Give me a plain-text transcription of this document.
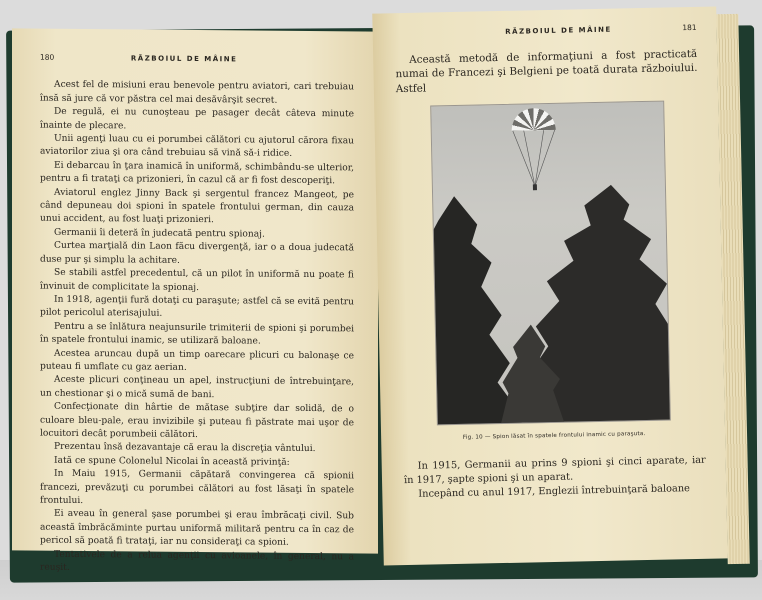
180	RĂZBOIUL DE MÂINE

Acest fel de misiuni erau benevole pentru aviatori, cari trebuiau însă să jure că vor păstra cel mai desăvârşit secret.

De regulă, ei nu cunoşteau pe pasager decât câteva minute înainte de plecare.

Unii agenţi luau cu ei porumbei călători cu ajutorul cărora fixau aviatorilor ziua şi ora când trebuiau să vină să-i ridice.

Ei debarcau în ţara inamică în uniformă, schimbându-se ulterior, pentru a fi trataţi ca prizonieri, în cazul că ar fi fost descoperiţi.

Aviatorul englez Jinny Back şi sergentul francez Mangeot, pe când depuneau doi spioni în spatele frontului german, din cauza unui accident, au fost luaţi prizonieri.

Germanii îi deteră în judecată pentru spionaj.

Curtea marţială din Laon făcu divergenţă, iar o a doua judecată duse pur şi simplu la achitare.

Se stabili astfel precedentul, că un pilot în uniformă nu poate fi învinuit de complicitate la spionaj.

In 1918, agenţii fură dotaţi cu paraşute; astfel că se evită pentru pilot pericolul aterisajului.

Pentru a se înlătura neajunsurile trimiterii de spioni şi porumbei în spatele frontului inamic, se utilizară baloane.

Acestea aruncau după un timp oarecare plicuri cu balonaşe ce puteau fi umflate cu gaz aerian.

Aceste plicuri conţineau un apel, instrucţiuni de întrebuinţare, un chestionar şi o mică sumă de bani.

Confecţionate din hârtie de mătase subţire dar solidă, de o culoare bleu-pale, erau invizibile şi puteau fi păstrate mai uşor de locuitori decât porumbeii călători.

Prezentau însă dezavantaje că erau la discreţia vântului.

Iată ce spune Colonelul Nicolai în această privinţă:

In Maiu 1915, Germanii căpătară convingerea că spionii francezi, prevăzuţi cu porumbei călători au fost lăsaţi în spatele frontului.

Ei aveau în general şase porumbei şi erau îmbrăcaţi civil. Sub această îmbrăcăminte purtau uniformă militară pentru ca în caz de pericol să poată fi trataţi, iar nu consideraţi ca spioni.

Tentativele de a relua agenţii cu avioanele, în general, nu a reuşit.

RĂZBOIUL DE MÂINE	181

Această metodă de informaţiuni a fost practicată numai de Francezi şi Belgieni pe toată durata războiului. Astfel

Fig. 10 — Spion lăsat în spatele frontului inamic cu paraşuta.

In 1915, Germanii au prins 9 spioni şi cinci aparate, iar în 1917, şapte spioni şi un aparat.

Incepând cu anul 1917, Englezii întrebuinţară baloane
